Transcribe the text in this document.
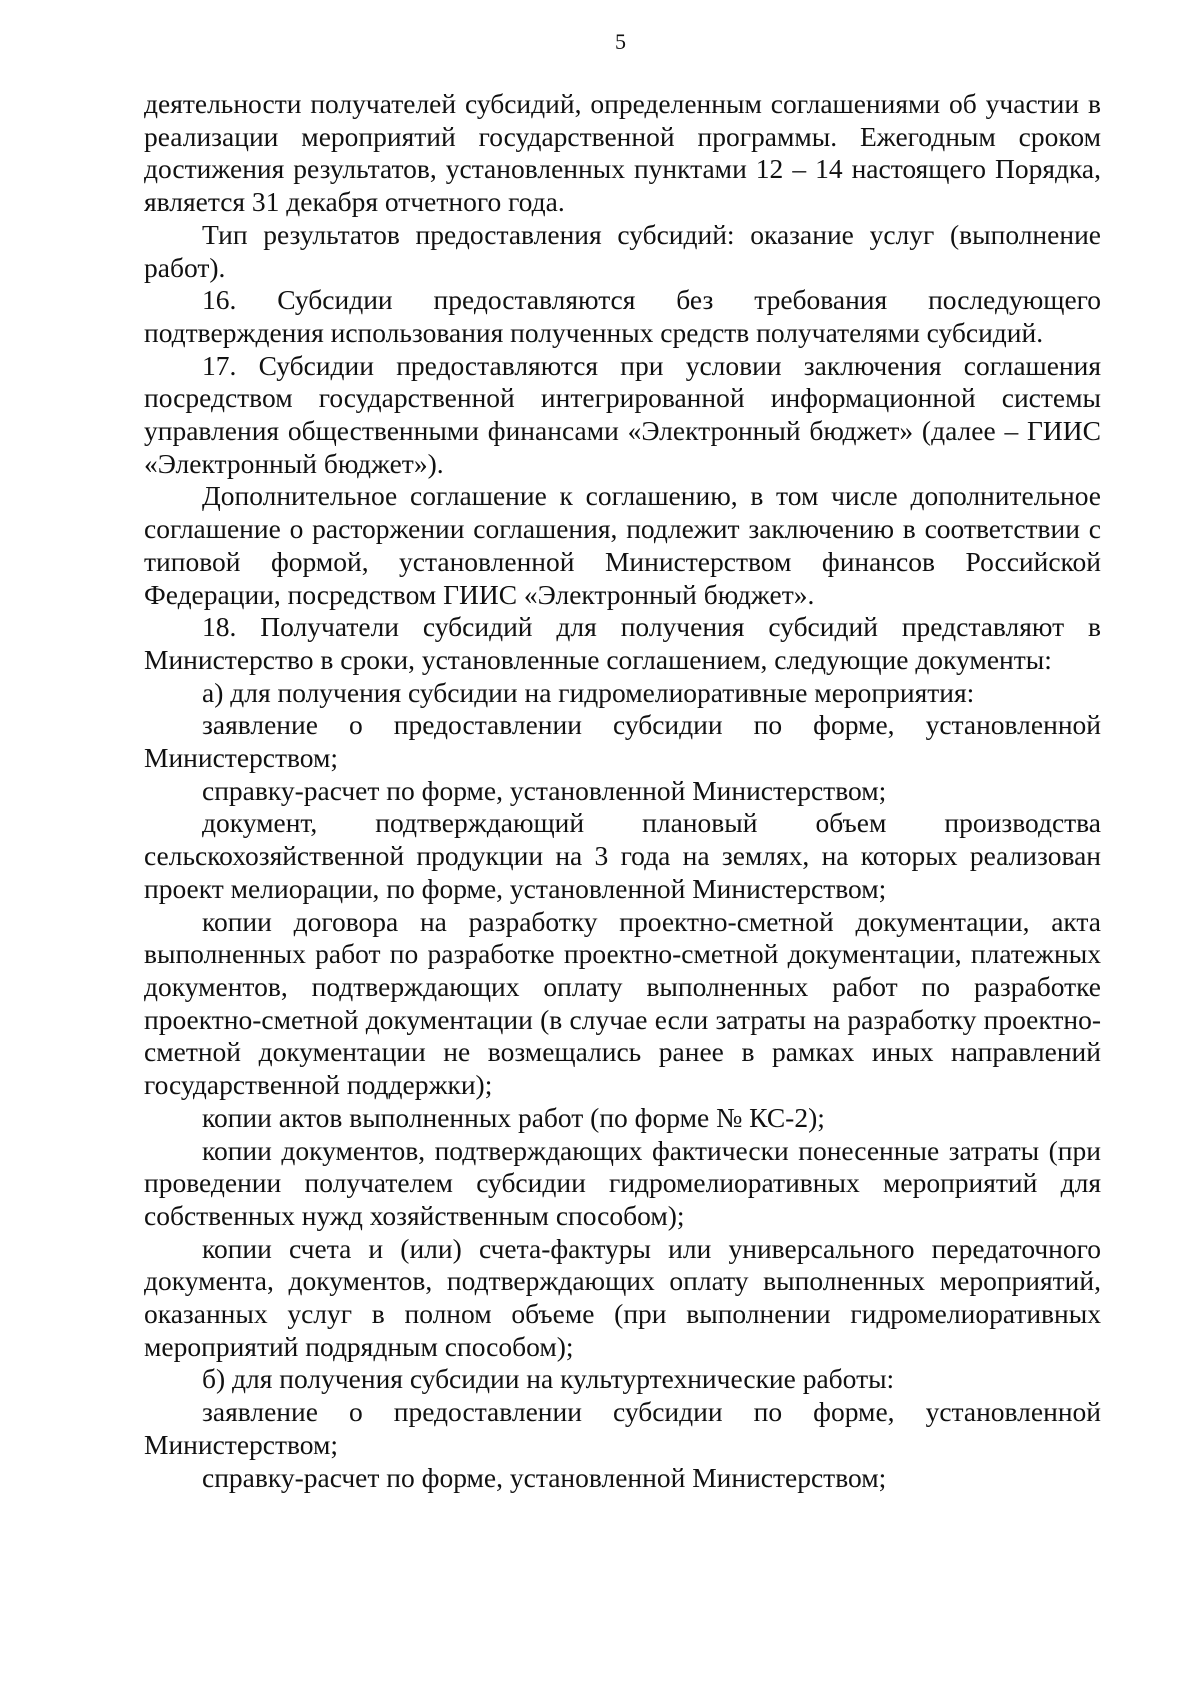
5

деятельности получателей субсидий, определенным соглашениями об участии в реализации мероприятий государственной программы. Ежегодным сроком достижения результатов, установленных пунктами 12 – 14 настоящего Порядка, является 31 декабря отчетного года.

Тип результатов предоставления субсидий: оказание услуг (выполнение работ).

16. Субсидии предоставляются без требования последующего подтверждения использования полученных средств получателями субсидий.

17. Субсидии предоставляются при условии заключения соглашения посредством государственной интегрированной информационной системы управления общественными финансами «Электронный бюджет» (далее – ГИИС «Электронный бюджет»).

Дополнительное соглашение к соглашению, в том числе дополнительное соглашение о расторжении соглашения, подлежит заключению в соответствии с типовой формой, установленной Министерством финансов Российской Федерации, посредством ГИИС «Электронный бюджет».

18. Получатели субсидий для получения субсидий представляют в Министерство в сроки, установленные соглашением, следующие документы:

а) для получения субсидии на гидромелиоративные мероприятия:

заявление о предоставлении субсидии по форме, установленной Министерством;

справку-расчет по форме, установленной Министерством;

документ, подтверждающий плановый объем производства сельскохозяйственной продукции на 3 года на землях, на которых реализован проект мелиорации, по форме, установленной Министерством;

копии договора на разработку проектно-сметной документации, акта выполненных работ по разработке проектно-сметной документации, платежных документов, подтверждающих оплату выполненных работ по разработке проектно-сметной документации (в случае если затраты на разработку проектно-сметной документации не возмещались ранее в рамках иных направлений государственной поддержки);

копии актов выполненных работ (по форме № КС-2);

копии документов, подтверждающих фактически понесенные затраты (при проведении получателем субсидии гидромелиоративных мероприятий для собственных нужд хозяйственным способом);

копии счета и (или) счета-фактуры или универсального передаточного документа, документов, подтверждающих оплату выполненных мероприятий, оказанных услуг в полном объеме (при выполнении гидромелиоративных мероприятий подрядным способом);

б) для получения субсидии на культуртехнические работы:

заявление о предоставлении субсидии по форме, установленной Министерством;

справку-расчет по форме, установленной Министерством;
